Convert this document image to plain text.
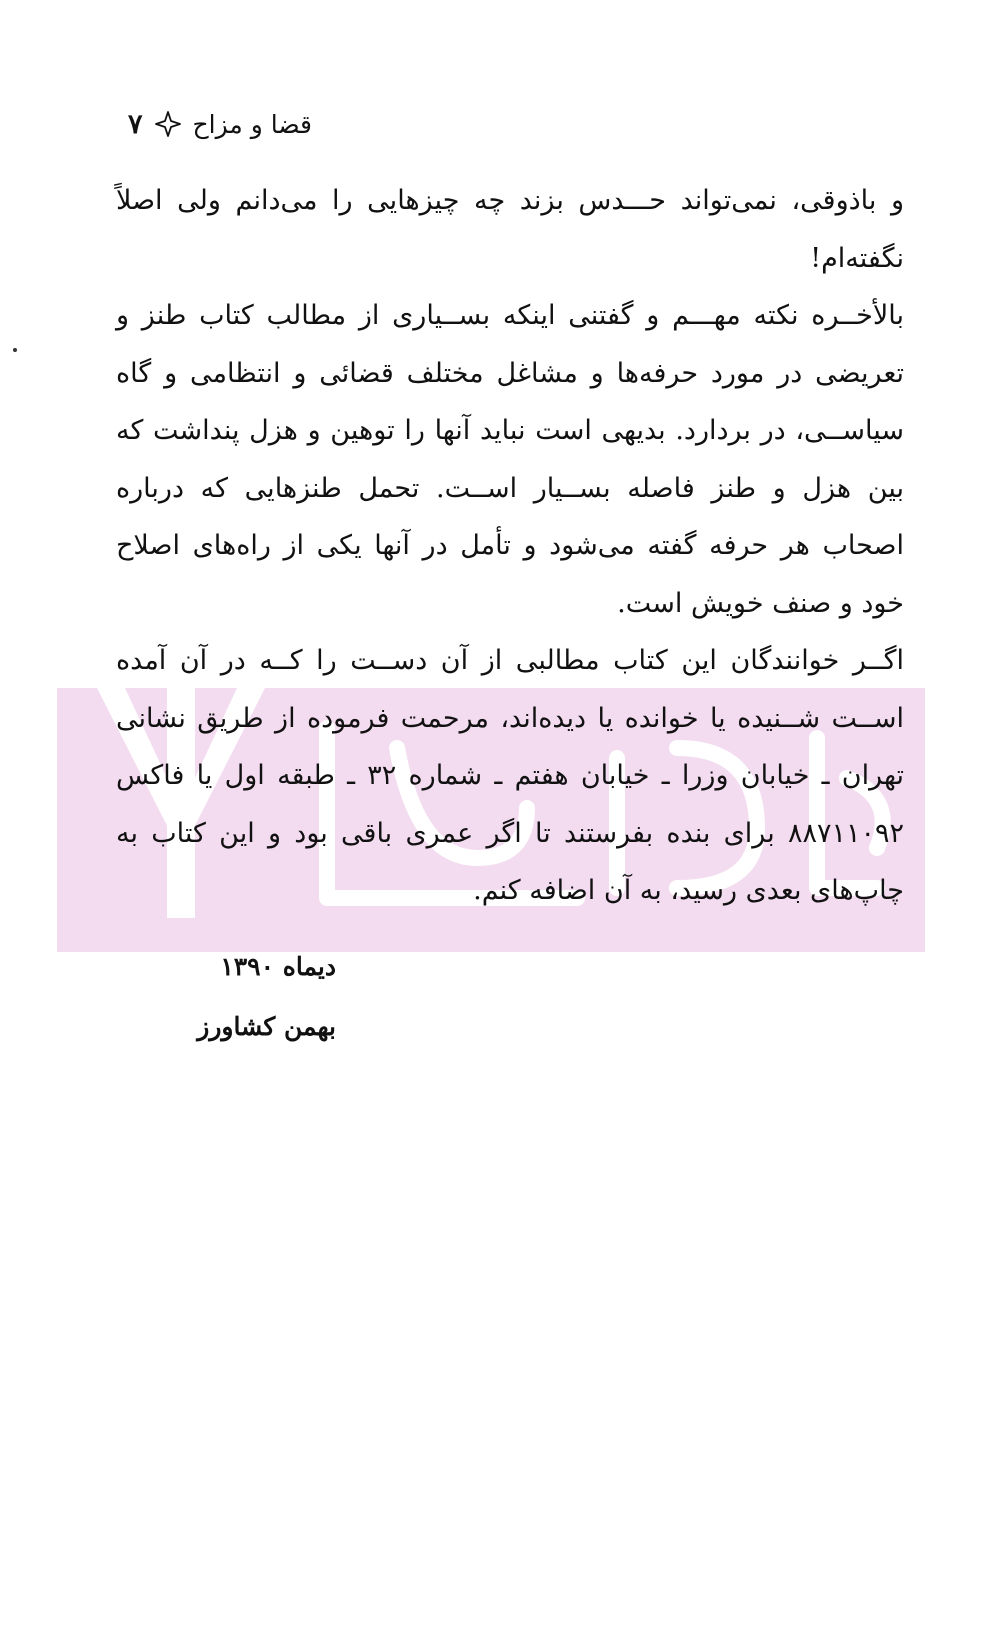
قضا و مزاح
۷

و باذوقی، نمی‌تواند حـــدس بزند چه چیزهایی را می‌دانم ولی اصلاً نگفته‌ام!

بالأخــره نکته مهـــم و گفتنی اینکه بســیاری از مطالب کتاب طنز و تعریضی در مورد حرفه‌ها و مشاغل مختلف قضائی و انتظامی و گاه سیاســی، در بردارد. بدیهی است نباید آنها را توهین و هزل پنداشت که بین هزل و طنز فاصله بســیار اســت. تحمل طنزهایی که درباره اصحاب هر حرفه گفته می‌شود و تأمل در آنها یکی از راه‌های اصلاح خود و صنف خویش است.

اگــر خوانندگان این کتاب مطالبی از آن دســت را کــه در آن آمده اســت شــنیده یا خوانده یا دیده‌اند، مرحمت فرموده از طریق نشانی تهران ـ خیابان وزرا ـ خیابان هفتم ـ شماره ۳۲ ـ طبقه اول یا فاکس ۸۸۷۱۱۰۹۲ برای بنده بفرستند تا اگر عمری باقی بود و این کتاب به چاپ‌های بعدی رسید، به آن اضافه کنم.

دیماه ۱۳۹۰
بهمن کشاورز
